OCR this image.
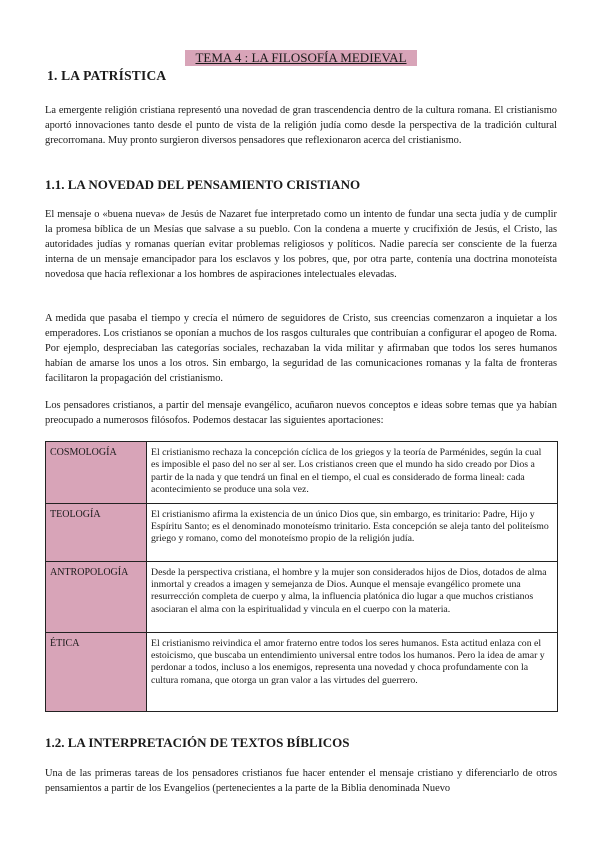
TEMA 4 : LA FILOSOFÍA MEDIEVAL
1. LA PATRÍSTICA
La emergente religión cristiana representó una novedad de gran trascendencia dentro de la cultura romana. El cristianismo aportó innovaciones tanto desde el punto de vista de la religión judía como desde la perspectiva de la tradición cultural grecorromana. Muy pronto surgieron diversos pensadores que reflexionaron acerca del cristianismo.
1.1. LA NOVEDAD DEL PENSAMIENTO CRISTIANO
El mensaje o «buena nueva» de Jesús de Nazaret fue interpretado como un intento de fundar una secta judía y de cumplir la promesa bíblica de un Mesías que salvase a su pueblo. Con la condena a muerte y crucifixión de Jesús, el Cristo, las autoridades judías y romanas querían evitar problemas religiosos y políticos. Nadie parecía ser consciente de la fuerza interna de un mensaje emancipador para los esclavos y los pobres, que, por otra parte, contenía una doctrina monoteísta novedosa que hacía reflexionar a los hombres de aspiraciones intelectuales elevadas.
A medida que pasaba el tiempo y crecía el número de seguidores de Cristo, sus creencias comenzaron a inquietar a los emperadores. Los cristianos se oponían a muchos de los rasgos culturales que contribuían a configurar el apogeo de Roma. Por ejemplo, despreciaban las categorías sociales, rechazaban la vida militar y afirmaban que todos los seres humanos habían de amarse los unos a los otros. Sin embargo, la seguridad de las comunicaciones romanas y la falta de fronteras facilitaron la propagación del cristianismo.
Los pensadores cristianos, a partir del mensaje evangélico, acuñaron nuevos conceptos e ideas sobre temas que ya habían preocupado a numerosos filósofos. Podemos destacar las siguientes aportaciones:
COSMOLOGÍA	El cristianismo rechaza la concepción cíclica de los griegos y la teoría de Parménides, según la cual es imposible el paso del no ser al ser. Los cristianos creen que el mundo ha sido creado por Dios a partir de la nada y que tendrá un final en el tiempo, el cual es considerado de forma lineal: cada acontecimiento se produce una sola vez.
TEOLOGÍA	El cristianismo afirma la existencia de un único Dios que, sin embargo, es trinitario: Padre, Hijo y Espíritu Santo; es el denominado monoteísmo trinitario. Esta concepción se aleja tanto del politeísmo griego y romano, como del monoteísmo propio de la religión judía.
ANTROPOLOGÍA	Desde la perspectiva cristiana, el hombre y la mujer son considerados hijos de Dios, dotados de alma inmortal y creados a imagen y semejanza de Dios. Aunque el mensaje evangélico promete una resurrección completa de cuerpo y alma, la influencia platónica dio lugar a que muchos cristianos asociaran el alma con la espiritualidad y vincula en el cuerpo con la materia.
ÉTICA	El cristianismo reivindica el amor fraterno entre todos los seres humanos. Esta actitud enlaza con el estoicismo, que buscaba un entendimiento universal entre todos los humanos. Pero la idea de amar y perdonar a todos, incluso a los enemigos, representa una novedad y choca profundamente con la cultura romana, que otorga un gran valor a las virtudes del guerrero.
1.2. LA INTERPRETACIÓN DE TEXTOS BÍBLICOS
Una de las primeras tareas de los pensadores cristianos fue hacer entender el mensaje cristiano y diferenciarlo de otros pensamientos a partir de los Evangelios (pertenecientes a la parte de la Biblia denominada Nuevo
